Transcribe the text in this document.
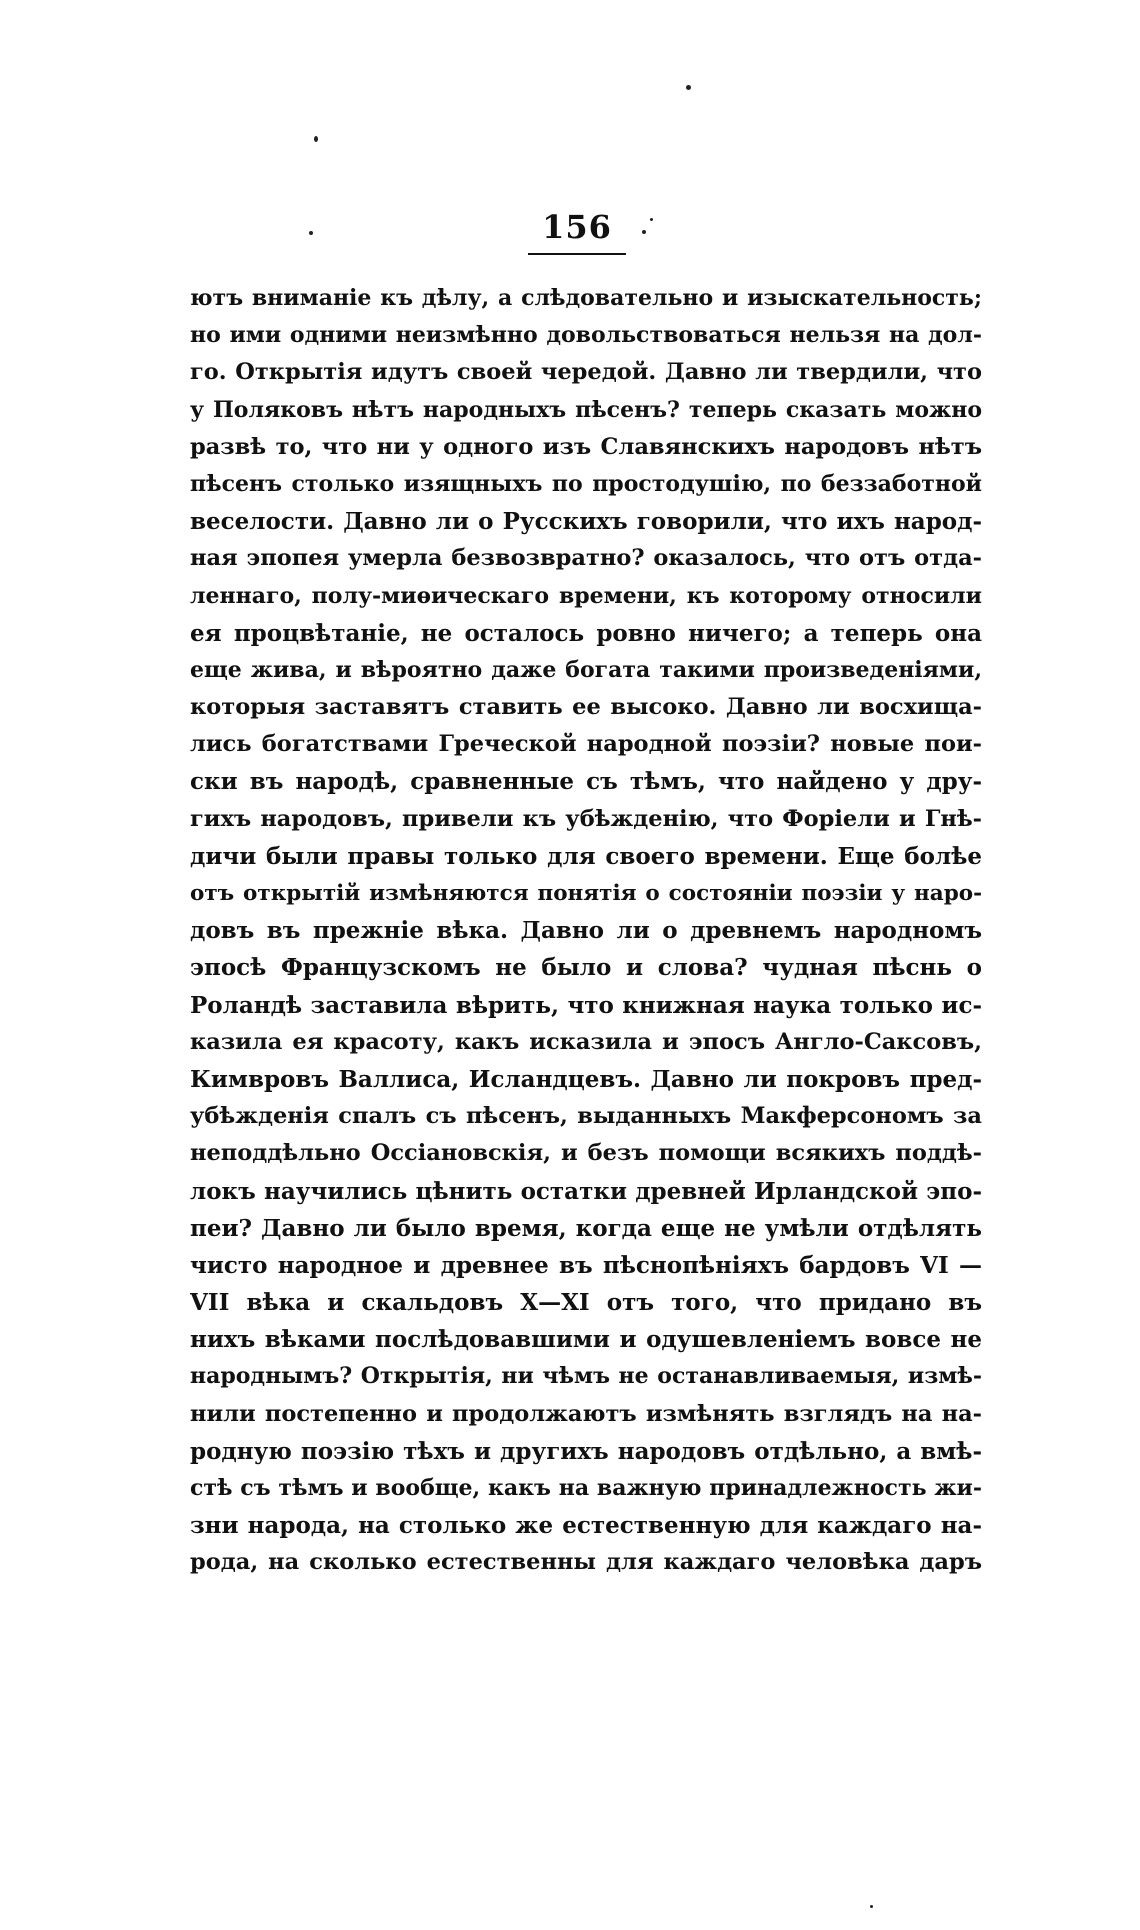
156
ютъ вниманіе къ дѣлу, а слѣдовательно и изыскательность;
но ими одними неизмѣнно довольствоваться нельзя на дол-
го. Открытія идутъ своей чередой. Давно ли твердили, что
у Поляковъ нѣтъ народныхъ пѣсенъ? теперь сказать можно
развѣ то, что ни у одного изъ Славянскихъ народовъ нѣтъ
пѣсенъ столько изящныхъ по простодушію, по беззаботной
веселости. Давно ли о Русскихъ говорили, что ихъ народ-
ная эпопея умерла безвозвратно? оказалось, что отъ отда-
леннаго, полу-миѳическаго времени, къ которому относили
ея процвѣтаніе, не осталось ровно ничего; а теперь она
еще жива, и вѣроятно даже богата такими произведеніями,
которыя заставятъ ставить ее высоко. Давно ли восхища-
лись богатствами Греческой народной поэзіи? новые пои-
ски въ народѣ, сравненные съ тѣмъ, что найдено у дру-
гихъ народовъ, привели къ убѣжденію, что Форіели и Гнѣ-
дичи были правы только для своего времени. Еще болѣе
отъ открытій измѣняются понятія о состояніи поэзіи у наро-
довъ въ прежніе вѣка. Давно ли о древнемъ народномъ
эпосѣ Французскомъ не было и слова? чудная пѣснь о
Роландѣ заставила вѣрить, что книжная наука только ис-
казила ея красоту, какъ исказила и эпосъ Англо-Саксовъ,
Кимвровъ Валлиса, Исландцевъ. Давно ли покровъ пред-
убѣжденія спалъ съ пѣсенъ, выданныхъ Макферсономъ за
неподдѣльно Оссіановскія, и безъ помощи всякихъ поддѣ-
локъ научились цѣнить остатки древней Ирландской эпо-
пеи? Давно ли было время, когда еще не умѣли отдѣлять
чисто народное и древнее въ пѣснопѣніяхъ бардовъ VI —
VII вѣка и скальдовъ X—XI отъ того, что придано въ
нихъ вѣками послѣдовавшими и одушевленіемъ вовсе не
народнымъ? Открытія, ни чѣмъ не останавливаемыя, измѣ-
нили постепенно и продолжаютъ измѣнять взглядъ на на-
родную поэзію тѣхъ и другихъ народовъ отдѣльно, а вмѣ-
стѣ съ тѣмъ и вообще, какъ на важную принадлежность жи-
зни народа, на столько же естественную для каждаго на-
рода, на сколько естественны для каждаго человѣка даръ
